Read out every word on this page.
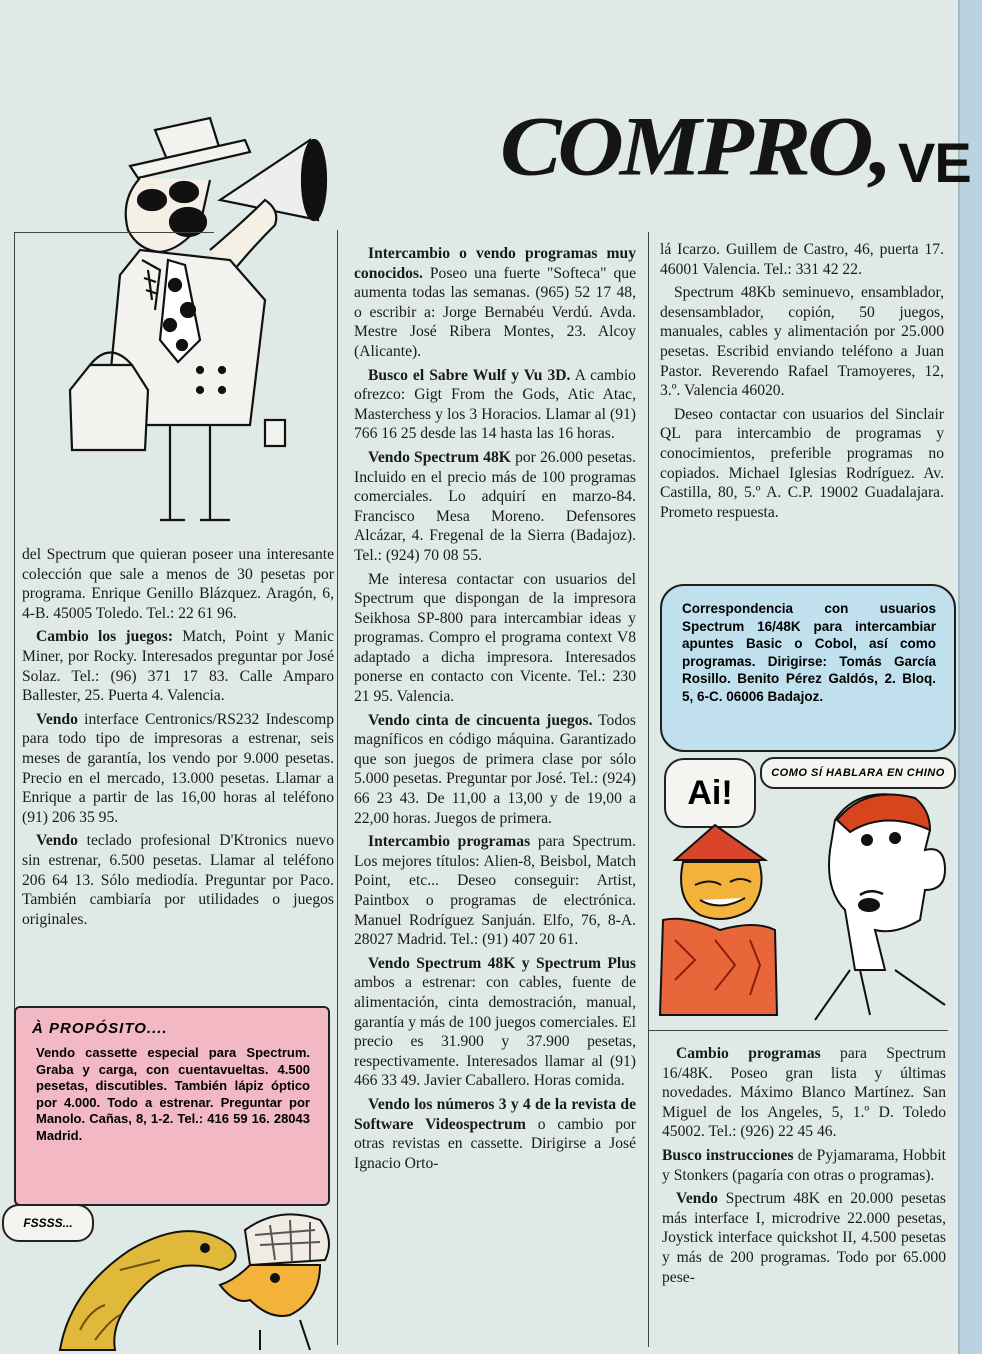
COMPRO, VE

del Spectrum que quieran poseer una interesante colección que sale a menos de 30 pesetas por programa. Enrique Genillo Blázquez. Aragón, 6, 4-B. 45005 Toledo. Tel.: 22 61 96.

Cambio los juegos: Match, Point y Manic Miner, por Rocky. Interesados preguntar por José Solaz. Tel.: (96) 371 17 83. Calle Amparo Ballester, 25. Puerta 4. Valencia.

Vendo interface Centronics/RS232 Indescomp para todo tipo de impresoras a estrenar, seis meses de garantía, los vendo por 9.000 pesetas. Precio en el mercado, 13.000 pesetas. Llamar a Enrique a partir de las 16,00 horas al teléfono (91) 206 35 95.

Vendo teclado profesional D'Ktronics nuevo sin estrenar, 6.500 pesetas. Llamar al teléfono 206 64 13. Sólo mediodía. Preguntar por Paco. También cambiaría por utilidades o juegos originales.

Intercambio o vendo programas muy conocidos. Poseo una fuerte "Softeca" que aumenta todas las semanas. (965) 52 17 48, o escribir a: Jorge Bernabéu Verdú. Avda. Mestre José Ribera Montes, 23. Alcoy (Alicante).

Busco el Sabre Wulf y Vu 3D. A cambio ofrezco: Gigt From the Gods, Atic Atac, Masterchess y los 3 Horacios. Llamar al (91) 766 16 25 desde las 14 hasta las 16 horas.

Vendo Spectrum 48K por 26.000 pesetas. Incluido en el precio más de 100 programas comerciales. Lo adquirí en marzo-84. Francisco Mesa Moreno. Defensores Alcázar, 4. Fregenal de la Sierra (Badajoz). Tel.: (924) 70 08 55.

Me interesa contactar con usuarios del Spectrum que dispongan de la impresora Seikhosa SP-800 para intercambiar ideas y programas. Compro el programa context V8 adaptado a dicha impresora. Interesados ponerse en contacto con Vicente. Tel.: 230 21 95. Valencia.

Vendo cinta de cincuenta juegos. Todos magníficos en código máquina. Garantizado que son juegos de primera clase por sólo 5.000 pesetas. Preguntar por José. Tel.: (924) 66 23 43. De 11,00 a 13,00 y de 19,00 a 22,00 horas. Juegos de primera.

Intercambio programas para Spectrum. Los mejores títulos: Alien-8, Beisbol, Match Point, etc... Deseo conseguir: Artist, Paintbox o programas de electrónica. Manuel Rodríguez Sanjuán. Elfo, 76, 8-A. 28027 Madrid. Tel.: (91) 407 20 61.

Vendo Spectrum 48K y Spectrum Plus ambos a estrenar: con cables, fuente de alimentación, cinta demostración, manual, garantía y más de 100 juegos comerciales. El precio es 31.900 y 37.900 pesetas, respectivamente. Interesados llamar al (91) 466 33 49. Javier Caballero. Horas comida.

Vendo los números 3 y 4 de la revista de Software Videospectrum o cambio por otras revistas en cassette. Dirigirse a José Ignacio Orto-

lá Icarzo. Guillem de Castro, 46, puerta 17. 46001 Valencia. Tel.: 331 42 22.

Spectrum 48Kb seminuevo, ensamblador, desensamblador, copión, 50 juegos, manuales, cables y alimentación por 25.000 pesetas. Escribid enviando teléfono a Juan Pastor. Reverendo Rafael Tramoyeres, 12, 3.º. Valencia 46020.

Deseo contactar con usuarios del Sinclair QL para intercambio de programas y conocimientos, preferible programas no copiados. Michael Iglesias Rodríguez. Av. Castilla, 80, 5.º A. C.P. 19002 Guadalajara. Prometo respuesta.

Correspondencia con usuarios Spectrum 16/48K para intercambiar apuntes Basic o Cobol, así como programas. Dirigirse: Tomás García Rosillo. Benito Pérez Galdós, 2. Bloq. 5, 6-C. 06006 Badajoz.
Ai!
COMO SÍ HABLARA EN CHINO

Cambio programas para Spectrum 16/48K. Poseo gran lista y últimas novedades. Máximo Blanco Martínez. San Miguel de los Angeles, 5, 1.º D. Toledo 45002. Tel.: (926) 22 45 46.

Busco instrucciones de Pyjamarama, Hobbit y Stonkers (pagaría con otras o programas).

Vendo Spectrum 48K en 20.000 pesetas más interface I, microdrive 22.000 pesetas, Joystick interface quickshot II, 4.500 pesetas y más de 200 programas. Todo por 65.000 pese-

À PROPÓSITO....
Vendo cassette especial para Spectrum. Graba y carga, con cuentavueltas. 4.500 pesetas, discutibles. También lápiz óptico por 4.000. Todo a estrenar. Preguntar por Manolo. Cañas, 8, 1-2. Tel.: 416 59 16. 28043 Madrid.
FSSSS...
